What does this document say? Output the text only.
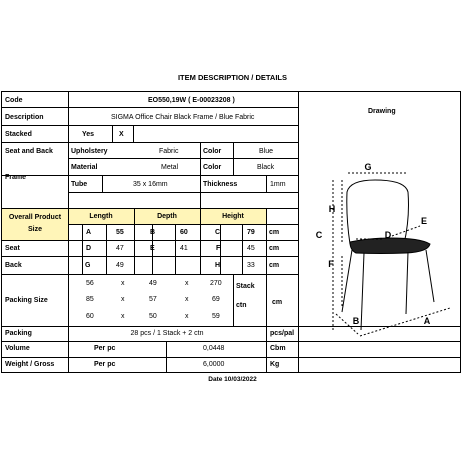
ITEM DESCRIPTION / DETAILS
Code	EO550,19W ( E-00023208 )
Drawing
Description	SIGMA Office Chair Black Frame / Blue Fabric
Stacked	Yes	X
Seat and Back	Upholstery	Fabric	Color	Blue
Frame
Material	Metal	Color	Black
Tube	35 x 16mm	Thickness	1mm
Overall Product
Size
Length	Depth	Height
A	55	B	60	C	79 cm
Seat	D	47	E	41	F	45 cm
Back	G	49	H	33 cm
Packing Size
Stack
ctn	cm
56	x	49	x	270
85	x	57	x	69
60	x	50	x	59
Packing	28 pcs / 1 Stack + 2 ctn	pcs/pal
Volume	Per pc	0,0448	Cbm
Weight / Gross	Per pc	6,0000	Kg
G
H
C
E
D
F
B	A
Date 10/03/2022
